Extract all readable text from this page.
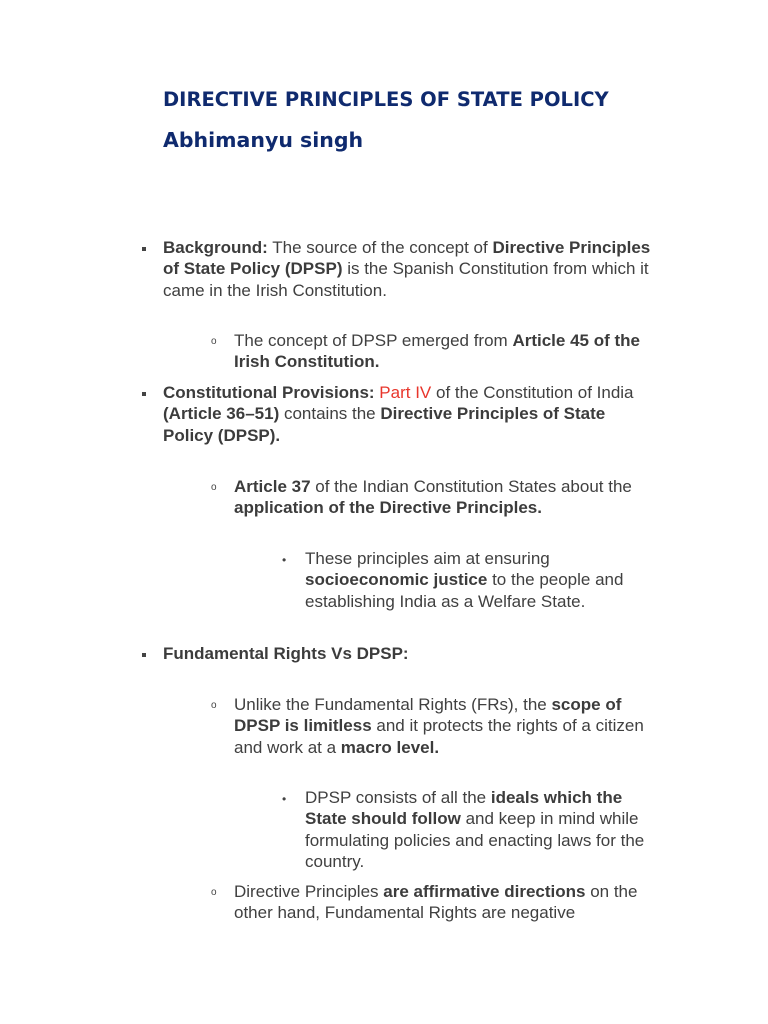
DIRECTIVE PRINCIPLES OF STATE POLICY
Abhimanyu singh

Background: The source of the concept of Directive Principles of State Policy (DPSP) is the Spanish Constitution from which it came in the Irish Constitution.

o The concept of DPSP emerged from Article 45 of the Irish Constitution.

Constitutional Provisions: Part IV of the Constitution of India (Article 36–51) contains the Directive Principles of State Policy (DPSP).

o Article 37 of the Indian Constitution States about the application of the Directive Principles.

• These principles aim at ensuring socioeconomic justice to the people and establishing India as a Welfare State.

Fundamental Rights Vs DPSP:

o Unlike the Fundamental Rights (FRs), the scope of DPSP is limitless and it protects the rights of a citizen and work at a macro level.

• DPSP consists of all the ideals which the State should follow and keep in mind while formulating policies and enacting laws for the country.

o Directive Principles are affirmative directions on the other hand, Fundamental Rights are negative
